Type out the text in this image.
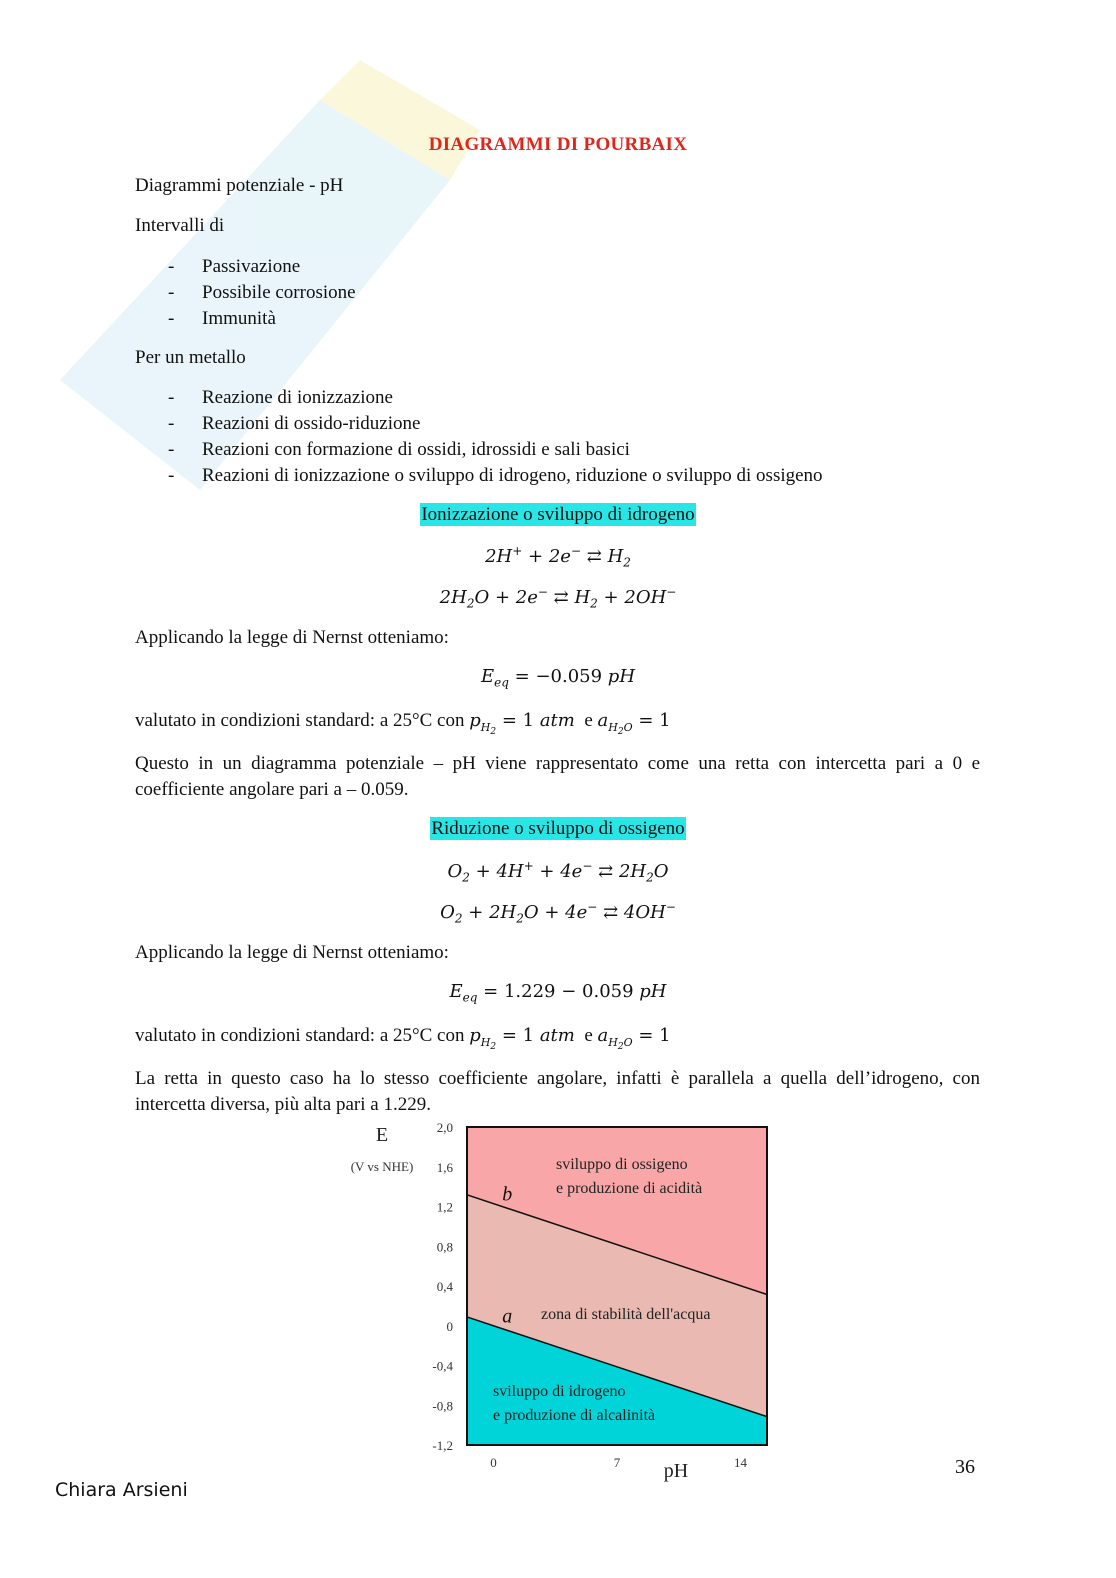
DIAGRAMMI DI POURBAIX

Diagrammi potenziale - pH

Intervalli di

- Passivazione
- Possibile corrosione
- Immunità

Per un metallo

- Reazione di ionizzazione
- Reazioni di ossido-riduzione
- Reazioni con formazione di ossidi, idrossidi e sali basici
- Reazioni di ionizzazione o sviluppo di idrogeno, riduzione o sviluppo di ossigeno
Ionizzazione o sviluppo di idrogeno
2H+ + 2e− ⇄ $H_2$
$2H_2O + 2e^-$ ⇄ $H_2 + 2OH^-$

Applicando la legge di Nernst otteniamo:

$E_{eq} = -0.059$ pH

valutato in condizioni standard: a 25°C con $p_{H_2} = 1$ atm  e $a_{H_2O} = 1$

Questo in un diagramma potenziale – pH viene rappresentato come una retta con intercetta pari a 0 e coefficiente angolare pari a – 0.059.

Riduzione o sviluppo di ossigeno
$O_2 + 4H^+ + 4e^-$ ⇄ $2H_2O$
$O_2 + 2H_2O + 4e^-$ ⇄ 4OH−

Applicando la legge di Nernst otteniamo:

$E_{eq} = 1.229 - 0.059$ pH

valutato in condizioni standard: a 25°C con $p_{H_2} = 1$ atm  e $a_{H_2O} = 1$

La retta in questo caso ha lo stesso coefficiente angolare, infatti è parallela a quella dell’idrogeno, con intercetta diversa, più alta pari a 1.229.

2,0
1,6
1,2
0,8
0,4
0
-0,4
-0,8
-1,2
0	7	14
E
(V vs NHE)
pH
b
a
sviluppo di ossigeno
e produzione di acidità
zona di stabilità dell'acqua
sviluppo di idrogeno
e produzione di alcalinità
36
Chiara Arsieni
